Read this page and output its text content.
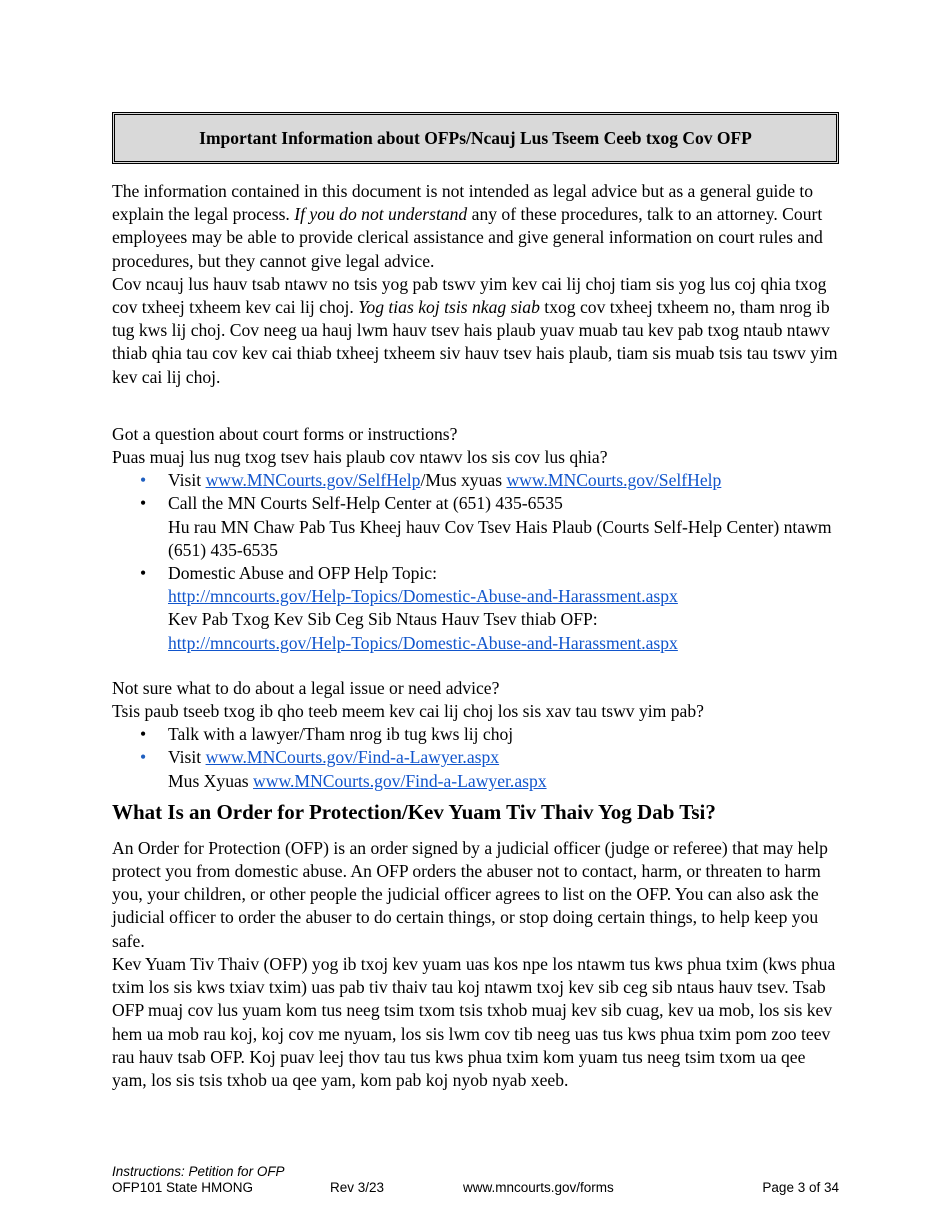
Important Information about OFPs/Ncauj Lus Tseem Ceeb txog Cov OFP

The information contained in this document is not intended as legal advice but as a general guide to explain the legal process. If you do not understand any of these procedures, talk to an attorney. Court employees may be able to provide clerical assistance and give general information on court rules and procedures, but they cannot give legal advice.

Cov ncauj lus hauv tsab ntawv no tsis yog pab tswv yim kev cai lij choj tiam sis yog lus coj qhia txog cov txheej txheem kev cai lij choj. Yog tias koj tsis nkag siab txog cov txheej txheem no, tham nrog ib tug kws lij choj. Cov neeg ua hauj lwm hauv tsev hais plaub yuav muab tau kev pab txog ntaub ntawv thiab qhia tau cov kev cai thiab txheej txheem siv hauv tsev hais plaub, tiam sis muab tsis tau tswv yim kev cai lij choj.

Got a question about court forms or instructions?

Puas muaj lus nug txog tsev hais plaub cov ntawv los sis cov lus qhia?

• Visit www.MNCourts.gov/SelfHelp/Mus xyuas www.MNCourts.gov/SelfHelp
• Call the MN Courts Self-Help Center at (651) 435-6535
Hu rau MN Chaw Pab Tus Kheej hauv Cov Tsev Hais Plaub (Courts Self-Help Center) ntawm (651) 435-6535
• Domestic Abuse and OFP Help Topic:
http://mncourts.gov/Help-Topics/Domestic-Abuse-and-Harassment.aspx
Kev Pab Txog Kev Sib Ceg Sib Ntaus Hauv Tsev thiab OFP:
http://mncourts.gov/Help-Topics/Domestic-Abuse-and-Harassment.aspx

Not sure what to do about a legal issue or need advice?

Tsis paub tseeb txog ib qho teeb meem kev cai lij choj los sis xav tau tswv yim pab?

• Talk with a lawyer/Tham nrog ib tug kws lij choj
• Visit www.MNCourts.gov/Find-a-Lawyer.aspx
Mus Xyuas www.MNCourts.gov/Find-a-Lawyer.aspx
What Is an Order for Protection/Kev Yuam Tiv Thaiv Yog Dab Tsi?

An Order for Protection (OFP) is an order signed by a judicial officer (judge or referee) that may help protect you from domestic abuse. An OFP orders the abuser not to contact, harm, or threaten to harm you, your children, or other people the judicial officer agrees to list on the OFP. You can also ask the judicial officer to order the abuser to do certain things, or stop doing certain things, to help keep you safe.

Kev Yuam Tiv Thaiv (OFP) yog ib txoj kev yuam uas kos npe los ntawm tus kws phua txim (kws phua txim los sis kws txiav txim) uas pab tiv thaiv tau koj ntawm txoj kev sib ceg sib ntaus hauv tsev. Tsab OFP muaj cov lus yuam kom tus neeg tsim txom tsis txhob muaj kev sib cuag, kev ua mob, los sis kev hem ua mob rau koj, koj cov me nyuam, los sis lwm cov tib neeg uas tus kws phua txim pom zoo teev rau hauv tsab OFP. Koj puav leej thov tau tus kws phua txim kom yuam tus neeg tsim txom ua qee yam, los sis tsis txhob ua qee yam, kom pab koj nyob nyab xeeb.

Instructions: Petition for OFP
OFP101 State HMONG	Rev 3/23	www.mncourts.gov/forms	Page 3 of 34
